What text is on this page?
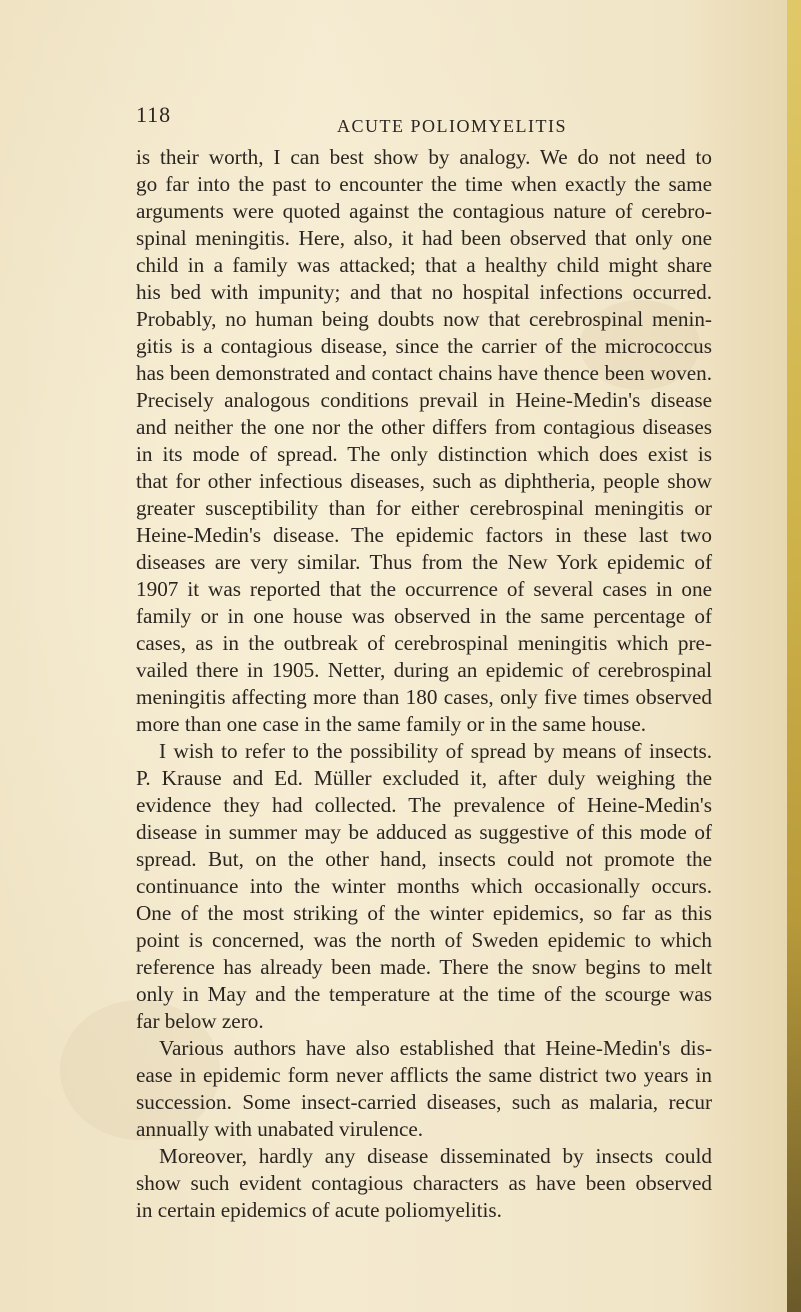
118	ACUTE POLIOMYELITIS
is their worth, I can best show by analogy. We do not need to
go far into the past to encounter the time when exactly the same
arguments were quoted against the contagious nature of cerebro-
spinal meningitis. Here, also, it had been observed that only one
child in a family was attacked; that a healthy child might share
his bed with impunity; and that no hospital infections occurred.
Probably, no human being doubts now that cerebrospinal menin-
gitis is a contagious disease, since the carrier of the micrococcus
has been demonstrated and contact chains have thence been woven.
Precisely analogous conditions prevail in Heine-Medin's disease
and neither the one nor the other differs from contagious diseases
in its mode of spread. The only distinction which does exist is
that for other infectious diseases, such as diphtheria, people show
greater susceptibility than for either cerebrospinal meningitis or
Heine-Medin's disease. The epidemic factors in these last two
diseases are very similar. Thus from the New York epidemic of
1907 it was reported that the occurrence of several cases in one
family or in one house was observed in the same percentage of
cases, as in the outbreak of cerebrospinal meningitis which pre-
vailed there in 1905. Netter, during an epidemic of cerebrospinal
meningitis affecting more than 180 cases, only five times observed
more than one case in the same family or in the same house.
I wish to refer to the possibility of spread by means of insects.
P. Krause and Ed. Müller excluded it, after duly weighing the
evidence they had collected. The prevalence of Heine-Medin's
disease in summer may be adduced as suggestive of this mode of
spread. But, on the other hand, insects could not promote the
continuance into the winter months which occasionally occurs.
One of the most striking of the winter epidemics, so far as this
point is concerned, was the north of Sweden epidemic to which
reference has already been made. There the snow begins to melt
only in May and the temperature at the time of the scourge was
far below zero.
Various authors have also established that Heine-Medin's dis-
ease in epidemic form never afflicts the same district two years in
succession. Some insect-carried diseases, such as malaria, recur
annually with unabated virulence.
Moreover, hardly any disease disseminated by insects could
show such evident contagious characters as have been observed
in certain epidemics of acute poliomyelitis.
